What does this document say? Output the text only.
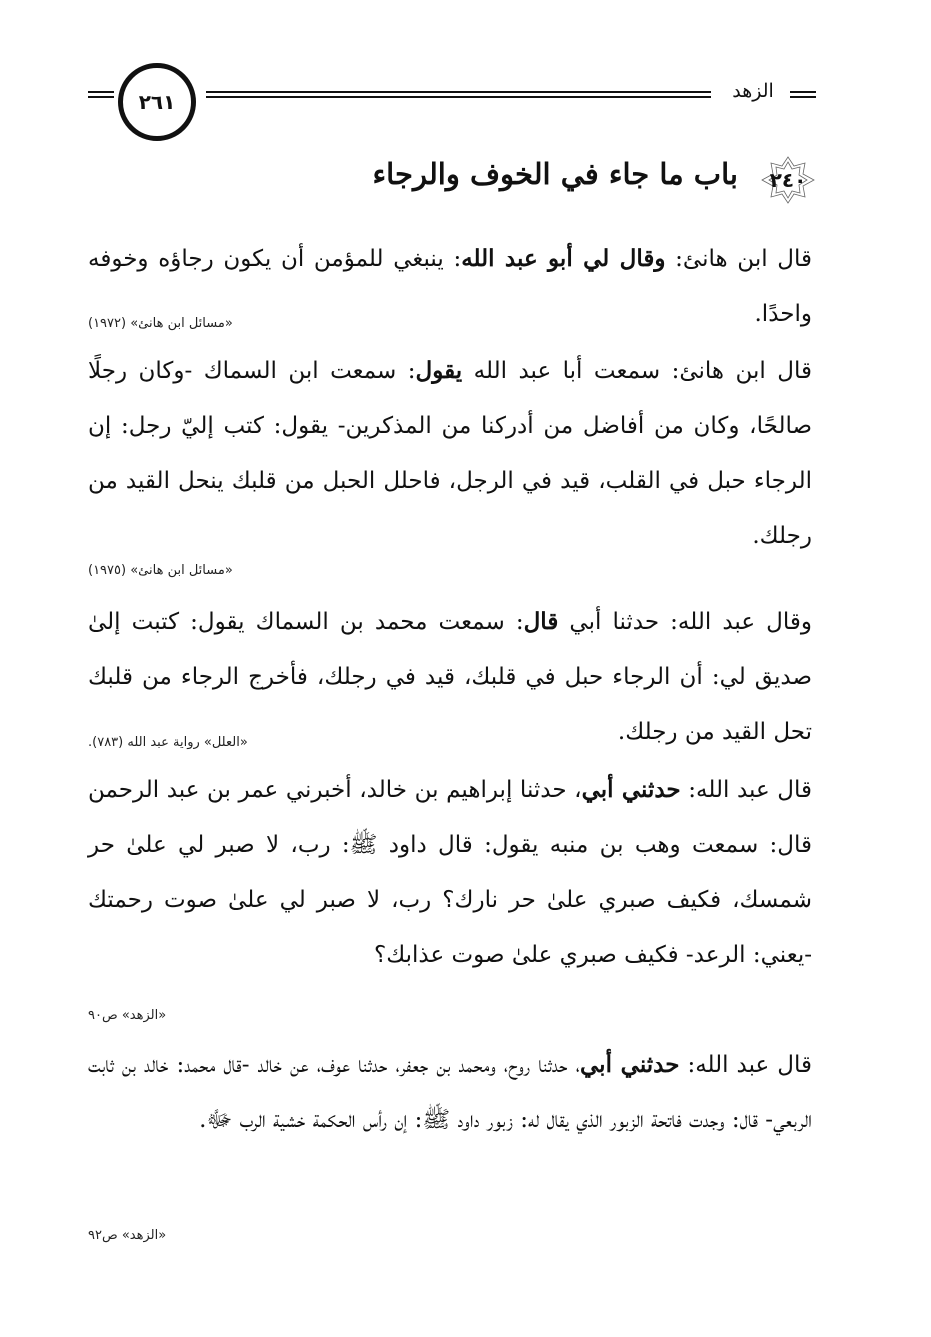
الزهد
٢٦١
٢٤٠
باب ما جاء في الخوف والرجاء
قال ابن هانئ: وقال لي أبو عبد الله: ينبغي للمؤمن أن يكون رجاؤه وخوفه واحدًا.
«مسائل ابن هانئ» (١٩٧٢)
قال ابن هانئ: سمعت أبا عبد الله يقول: سمعت ابن السماك -وكان رجلًا صالحًا، وكان من أفاضل من أدركنا من المذكرين- يقول: كتب إليّ رجل: إن الرجاء حبل في القلب، قيد في الرجل، فاحلل الحبل من قلبك ينحل القيد من رجلك.
«مسائل ابن هانئ» (١٩٧٥)
وقال عبد الله: حدثنا أبي قال: سمعت محمد بن السماك يقول: كتبت إلىٰ صديق لي: أن الرجاء حبل في قلبك، قيد في رجلك، فأخرج الرجاء من قلبك تحل القيد من رجلك.
«العلل» رواية عبد الله (٧٨٣).
قال عبد الله: حدثني أبي، حدثنا إبراهيم بن خالد، أخبرني عمر بن عبد الرحمن قال: سمعت وهب بن منبه يقول: قال داود ﷺ: رب، لا صبر لي علىٰ حر شمسك، فكيف صبري علىٰ حر نارك؟ رب، لا صبر لي علىٰ صوت رحمتك -يعني: الرعد- فكيف صبري علىٰ صوت عذابك؟
«الزهد» ص٩٠
قال عبد الله: حدثني أبي، حدثنا روح، ومحمد بن جعفر، حدثنا عوف، عن خالد -قال محمد: خالد بن ثابت الربعي- قال: وجدت فاتحة الزبور الذي يقال له: زبور داود ﷺ: إن رأس الحكمة خشية الرب ﷻ.
«الزهد» ص٩٢
